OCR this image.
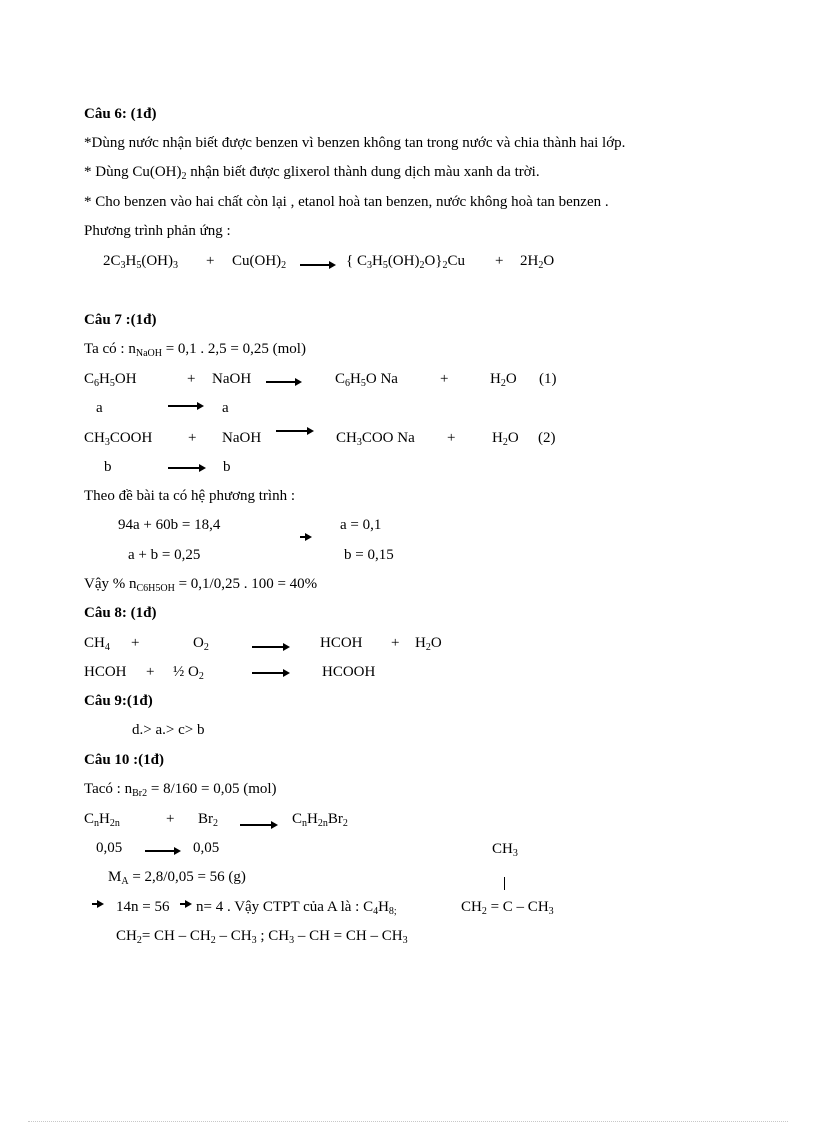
Câu 6: (1đ)
*Dùng nước nhận biết được benzen vì benzen không tan trong nước và chia thành hai lớp.
* Dùng $Cu(OH)_2$ nhận biết được glixerol thành dung dịch màu xanh da trời.
* Cho benzen vào hai chất còn lại , etanol hoà tan benzen, nước không hoà tan benzen .
Phương trình phản ứng :
$2C_3H_5(OH)_3 + Cu(OH)_2$ → { $C_3H_5(OH)_2O\}_2Cu + 2H_2O$
Câu 7 :(1đ)
Ta có : $n_{NaOH} = 0,1$ . 2,5 = 0,25 (mol)
$C_6H_5OH$	+ NaOH → $C_6H_5O$ Na	+	$H_2O$ (1)
a	a
$CH_3COOH$ + NaOH → $CH_3COO$ $Na + H_2O$ (2)
b	b
Theo đề bài ta có hệ phương trình :
94a + 60b = 18,4
a + b = 0,25
a = 0,1
b = 0,15
Vậy % $n_{C6H5OH} = 0,1/0,25$ . 100 = 40%
Câu 8: (1đ)
$CH_4$ +	$O_2$	HCOH + $H_2O$
HCOH + ½ $O_2$	HCOOH
Câu 9:(1đ)
d.> a.> c> b
Câu 10 :(1đ)
Tacó : $n_{Br2} = 8/160 = 0,05$ (mol)
$C_nH_{2n}$	+ $Br_2 \to C_nH_{2n}Br_2$
0,05	0,05	$CH_3$
$M_A = 2,8/0,05 = 56$ (g)
14n = 56 n= 4 . Vậy CTPT của A là : $C_4H_{8;}$	$CH_2 = C - CH_3$
$CH_2=$ CH – $CH_2 - CH_3$ ; $CH_3$ – CH = CH – $CH_3$
